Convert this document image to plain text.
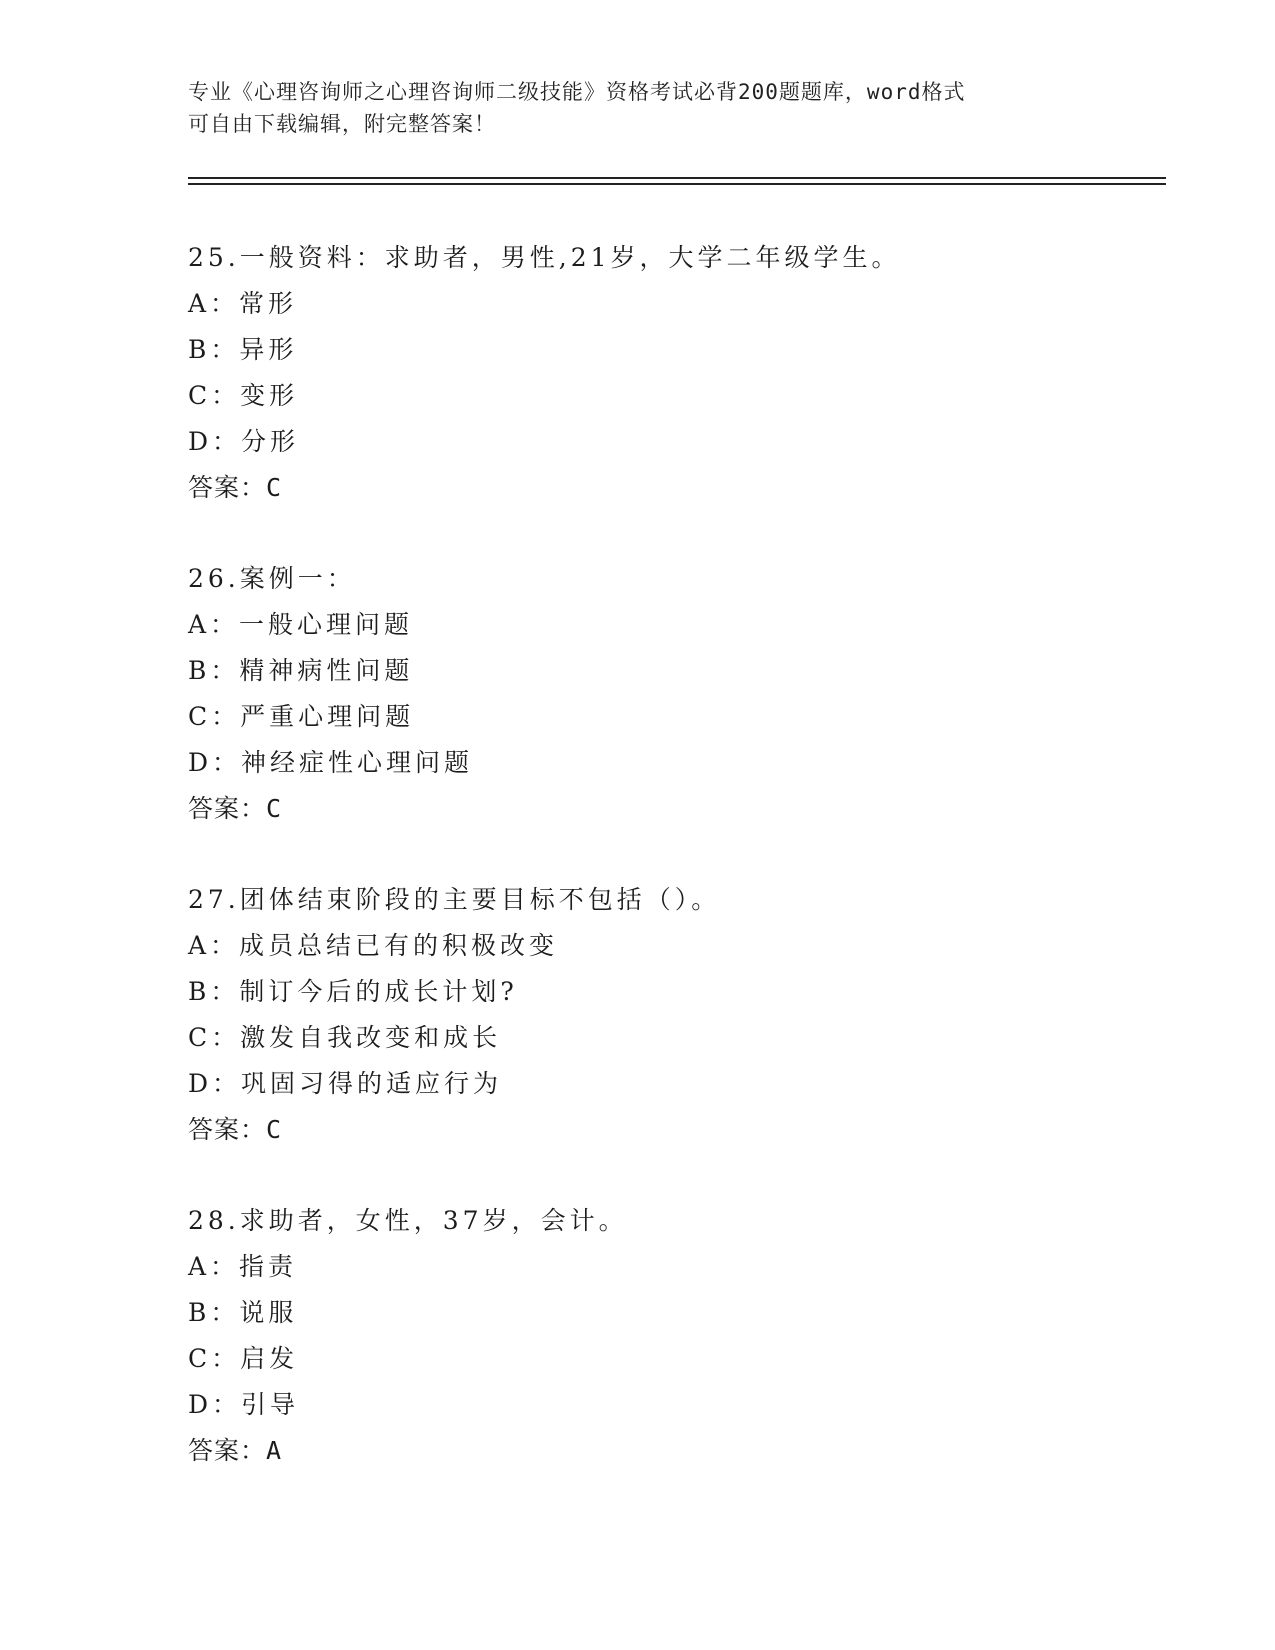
专业《心理咨询师之心理咨询师二级技能》资格考试必背200题题库，word格式
可自由下载编辑，附完整答案！
25.一般资料：求助者，男性,21岁，大学二年级学生。
A：常形
B：异形
C：变形
D：分形
答案：C
26.案例一：
A：一般心理问题
B：精神病性问题
C：严重心理问题
D：神经症性心理问题
答案：C
27.团体结束阶段的主要目标不包括（）。
A：成员总结已有的积极改变
B：制订今后的成长计划?
C：激发自我改变和成长
D：巩固习得的适应行为
答案：C
28.求助者，女性，37岁，会计。
A：指责
B：说服
C：启发
D：引导
答案：A
